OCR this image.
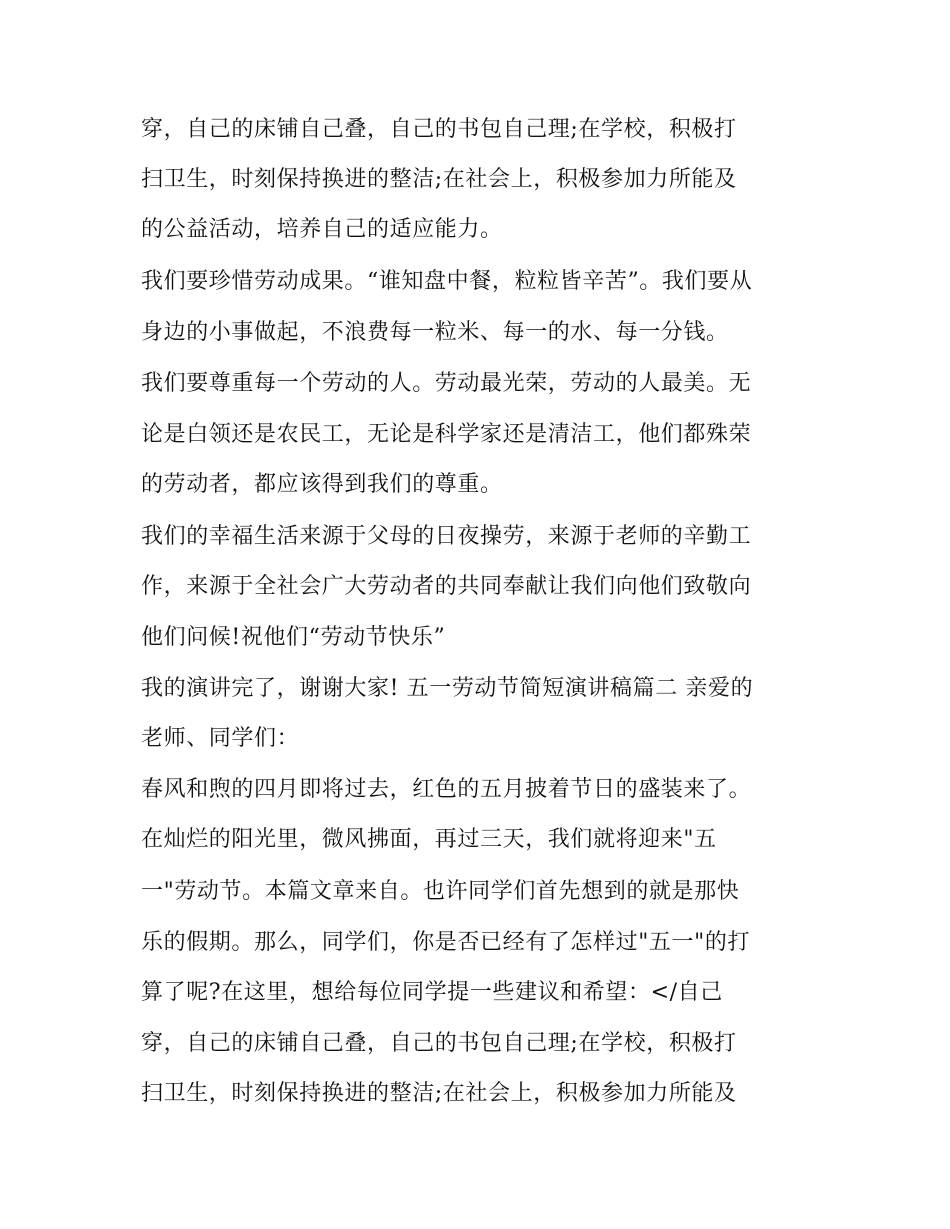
穿，自己的床铺自己叠，自己的书包自己理;在学校，积极打
扫卫生，时刻保持换进的整洁;在社会上，积极参加力所能及
的公益活动，培养自己的适应能力。
我们要珍惜劳动成果。“谁知盘中餐，粒粒皆辛苦”。我们要从
身边的小事做起，不浪费每一粒米、每一的水、每一分钱。
我们要尊重每一个劳动的人。劳动最光荣，劳动的人最美。无
论是白领还是农民工，无论是科学家还是清洁工，他们都殊荣
的劳动者，都应该得到我们的尊重。
我们的幸福生活来源于父母的日夜操劳，来源于老师的辛勤工
作，来源于全社会广大劳动者的共同奉献让我们向他们致敬向
他们问候!祝他们“劳动节快乐”
我的演讲完了，谢谢大家! 五一劳动节简短演讲稿篇二 亲爱的
老师、同学们：
春风和煦的四月即将过去，红色的五月披着节日的盛装来了。
在灿烂的阳光里，微风拂面，再过三天，我们就将迎来"五
一"劳动节。本篇文章来自。也许同学们首先想到的就是那快
乐的假期。那么，同学们，你是否已经有了怎样过"五一"的打
算了呢?在这里，想给每位同学提一些建议和希望：</自己
穿，自己的床铺自己叠，自己的书包自己理;在学校，积极打
扫卫生，时刻保持换进的整洁;在社会上，积极参加力所能及
